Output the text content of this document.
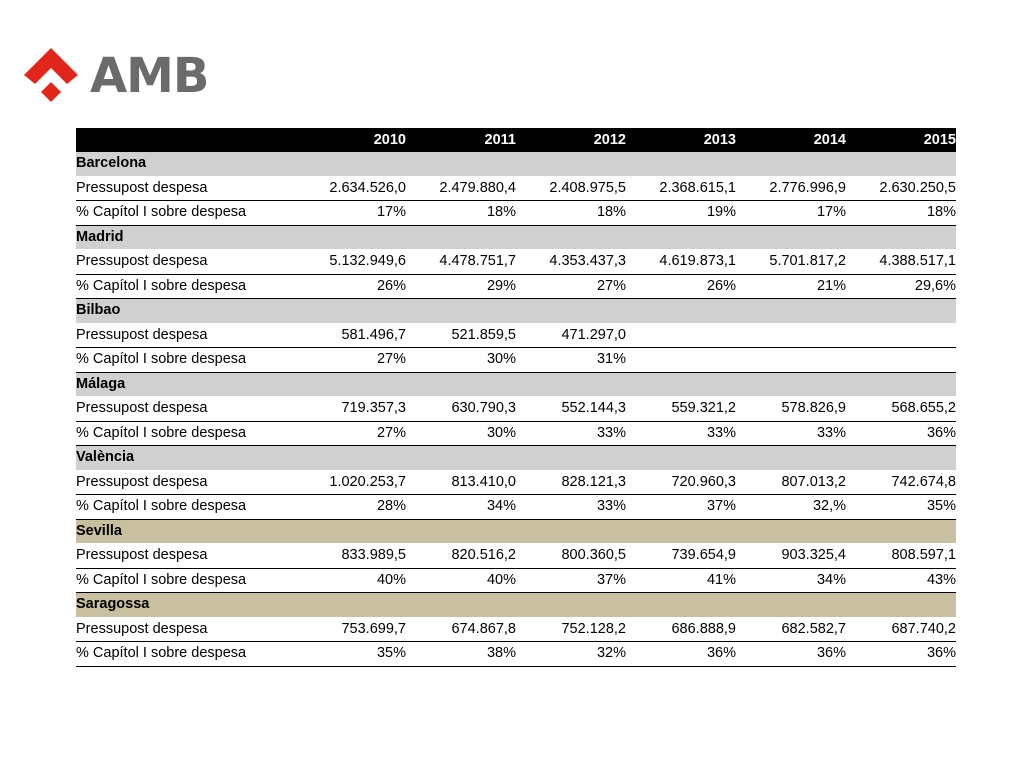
AMB
	2010	2011	2012	2013	2014	2015
Barcelona						
Pressupost despesa	2.634.526,0	2.479.880,4	2.408.975,5	2.368.615,1	2.776.996,9	2.630.250,5
% Capítol I sobre despesa	17%	18%	18%	19%	17%	18%
Madrid						
Pressupost despesa	5.132.949,6	4.478.751,7	4.353.437,3	4.619.873,1	5.701.817,2	4.388.517,1
% Capítol I sobre despesa	26%	29%	27%	26%	21%	29,6%
Bilbao						
Pressupost despesa	581.496,7	521.859,5	471.297,0			
% Capítol I sobre despesa	27%	30%	31%			
Málaga						
Pressupost despesa	719.357,3	630.790,3	552.144,3	559.321,2	578.826,9	568.655,2
% Capítol I sobre despesa	27%	30%	33%	33%	33%	36%
València						
Pressupost despesa	1.020.253,7	813.410,0	828.121,3	720.960,3	807.013,2	742.674,8
% Capítol I sobre despesa	28%	34%	33%	37%	32,%	35%
Sevilla						
Pressupost despesa	833.989,5	820.516,2	800.360,5	739.654,9	903.325,4	808.597,1
% Capítol I sobre despesa	40%	40%	37%	41%	34%	43%
Saragossa						
Pressupost despesa	753.699,7	674.867,8	752.128,2	686.888,9	682.582,7	687.740,2
% Capítol I sobre despesa	35%	38%	32%	36%	36%	36%
